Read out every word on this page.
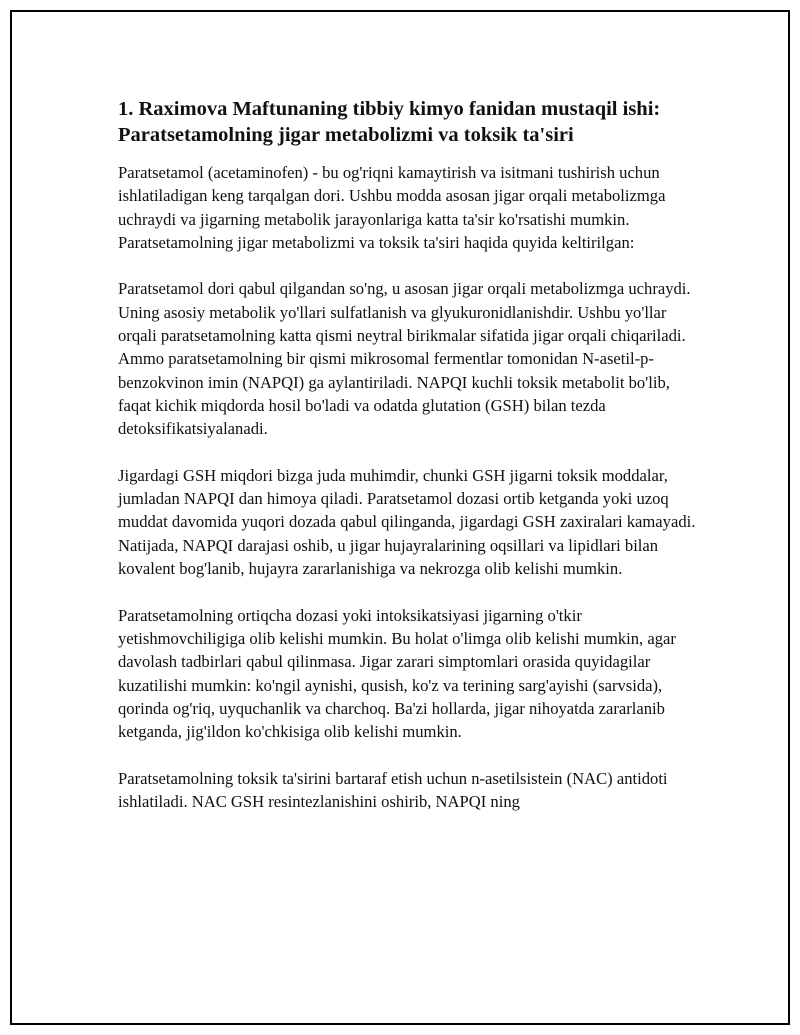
1. Raximova Maftunaning tibbiy kimyo fanidan mustaqil ishi: Paratsetamolning jigar metabolizmi va toksik ta'siri

Paratsetamol (acetaminofen) - bu og'riqni kamaytirish va isitmani tushirish uchun ishlatiladigan keng tarqalgan dori. Ushbu modda asosan jigar orqali metabolizmga uchraydi va jigarning metabolik jarayonlariga katta ta'sir ko'rsatishi mumkin. Paratsetamolning jigar metabolizmi va toksik ta'siri haqida quyida keltirilgan:

Paratsetamol dori qabul qilgandan so'ng, u asosan jigar orqali metabolizmga uchraydi. Uning asosiy metabolik yo'llari sulfatlanish va glyukuronidlanishdir. Ushbu yo'llar orqali paratsetamolning katta qismi neytral birikmalar sifatida jigar orqali chiqariladi. Ammo paratsetamolning bir qismi mikrosomal fermentlar tomonidan N-asetil-p-benzokvinon imin (NAPQI) ga aylantiriladi. NAPQI kuchli toksik metabolit bo'lib, faqat kichik miqdorda hosil bo'ladi va odatda glutation (GSH) bilan tezda detoksifikatsiyalanadi.

Jigardagi GSH miqdori bizga juda muhimdir, chunki GSH jigarni toksik moddalar, jumladan NAPQI dan himoya qiladi. Paratsetamol dozasi ortib ketganda yoki uzoq muddat davomida yuqori dozada qabul qilinganda, jigardagi GSH zaxiralari kamayadi. Natijada, NAPQI darajasi oshib, u jigar hujayralarining oqsillari va lipidlari bilan kovalent bog'lanib, hujayra zararlanishiga va nekrozga olib kelishi mumkin.

Paratsetamolning ortiqcha dozasi yoki intoksikatsiyasi jigarning o'tkir yetishmovchiligiga olib kelishi mumkin. Bu holat o'limga olib kelishi mumkin, agar davolash tadbirlari qabul qilinmasa. Jigar zarari simptomlari orasida quyidagilar kuzatilishi mumkin: ko'ngil aynishi, qusish, ko'z va terining sarg'ayishi (sarvsida), qorinda og'riq, uyquchanlik va charchoq. Ba'zi hollarda, jigar nihoyatda zararlanib ketganda, jig'ildon ko'chkisiga olib kelishi mumkin.

Paratsetamolning toksik ta'sirini bartaraf etish uchun n-asetilsistein (NAC) antidoti ishlatiladi. NAC GSH resintezlanishini oshirib, NAPQI ning
